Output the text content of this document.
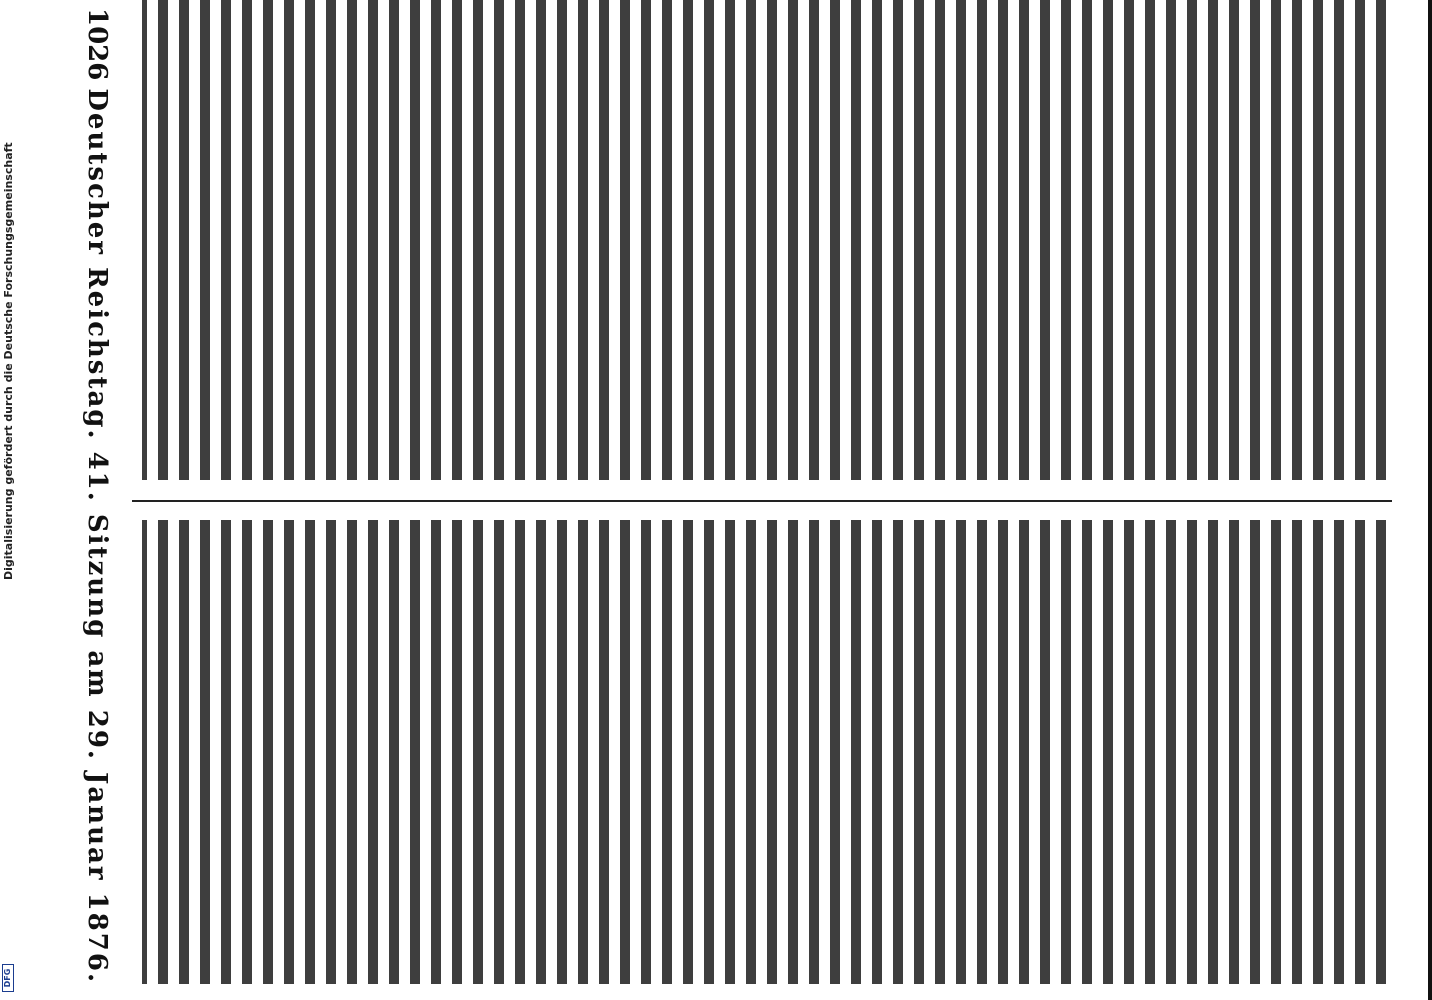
1026
Deutscher Reichstag. 41. Sitzung am 29. Januar 1876.
Digitalisierung gefördert durch die Deutsche Forschungsgemeinschaft
DFG
